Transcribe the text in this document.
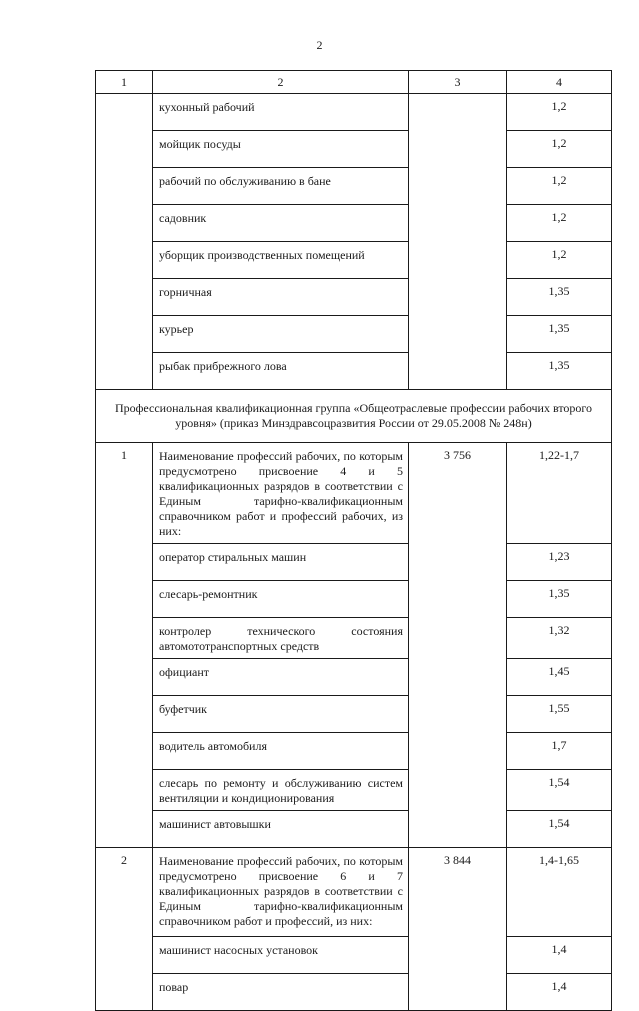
2
1	2	3	4
	кухонный рабочий		1,2
	мойщик посуды		1,2
	рабочий по обслуживанию в бане		1,2
	садовник		1,2
	уборщик производственных помещений		1,2
	горничная		1,35
	курьер		1,35
	рыбак прибрежного лова		1,35
Профессиональная квалификационная группа «Общеотраслевые профессии рабочих второго уровня» (приказ Минздравсоцразвития России от 29.05.2008 № 248н)			
1	Наименование профессий рабочих, по которым предусмотрено присвоение 4 и 5 квалификационных разрядов в соответствии с Единым тарифно-квалификационным справочником работ и профессий рабочих, из них:	3 756	1,22-1,7
	оператор стиральных машин		1,23
	слесарь-ремонтник		1,35
	контролер технического состояния автомототранспортных средств		1,32
	официант		1,45
	буфетчик		1,55
	водитель автомобиля		1,7
	слесарь по ремонту и обслуживанию систем вентиляции и кондиционирования		1,54
	машинист автовышки		1,54
2	Наименование профессий рабочих, по которым предусмотрено присвоение 6 и 7 квалификационных разрядов в соответствии с Единым тарифно-квалификационным справочником работ и профессий, из них:	3 844	1,4-1,65
	машинист насосных установок		1,4
	повар		1,4
